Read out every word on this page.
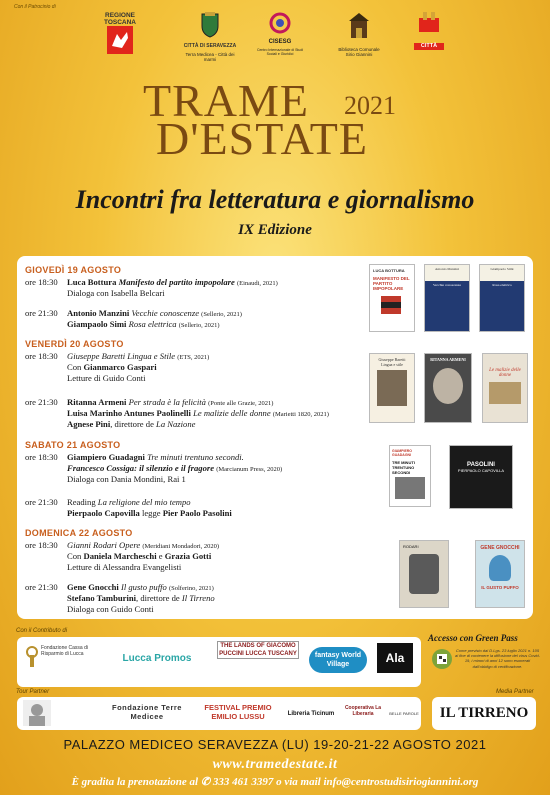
Con il Patrocinio di
REGIONE TOSCANA
CITTÀ DI SERAVEZZA
Terra Medicea - Città dei marmi
CISESG
Centro Internazionale di Studi Sociali e Giuridici
Biblioteca Comunale Sirio Giannini
CITTÀ
TRAME 2021
D'ESTATE
Incontri fra letteratura e giornalismo
IX Edizione
GIOVEDÌ 19 AGOSTO
ore 18:30	Luca Bottura Manifesto del partito impopolare (Einaudi, 2021)
Dialoga con Isabella Belcari
ore 21:30	Antonio Manzini Vecchie conoscenze (Sellerio, 2021)
Giampaolo Simi Rosa elettrica (Sellerio, 2021)
VENERDÌ 20 AGOSTO
ore 18:30	Giuseppe Baretti Lingua e Stile (ETS, 2021)
Con Gianmarco Gaspari
Letture di Guido Conti
ore 21:30	Ritanna Armeni Per strada è la felicità (Ponte alle Grazie, 2021)
Luisa Marinho Antunes Paolinelli Le malizie delle donne (Marietti 1820, 2021)
Agnese Pini, direttore de La Nazione
SABATO 21 AGOSTO
ore 18:30	Giampiero Guadagni Tre minuti trentuno secondi.
Francesco Cossiga: il silenzio e il fragore (Marcianum Press, 2020)
Dialoga con Dania Mondini, Rai 1
ore 21:30	Reading La religione del mio tempo
Pierpaolo Capovilla legge Pier Paolo Pasolini
DOMENICA 22 AGOSTO
ore 18:30	Gianni Rodari Opere (Meridiani Mondadori, 2020)
Con Daniela Marcheschi e Grazia Gotti
Letture di Alessandra Evangelisti
ore 21:30	Gene Gnocchi Il gusto puffo (Solferino, 2021)
Stefano Tamburini, direttore de Il Tirreno
Dialoga con Guido Conti
LUCA BOTTURA
MANIFESTO DEL PARTITO IMPOPOLARE
Antonio Manzini
Vecchie conoscenze
Giampaolo Simi
Rosa elettrica
Giuseppe Baretti
Lingua e stile
RITANNA ARMENI
Le malizie delle donne
GIAMPIERO GUADAGNI
TRE MINUTI TRENTUNO SECONDI
PASOLINI
PIERPAOLO CAPOVILLA
RODARI	GENE GNOCCHI
IL GUSTO PUFFO
Con il Contributo di
Fondazione Cassa di Risparmio di Lucca	Lucca Promos
THE LANDS OF GIACOMO PUCCINI LUCCA TUSCANY	fantasy World Village	Ala
Accesso con Green Pass
Come previsto dal D.Lgs. 23 luglio 2021 n. 105 al fine di contenere la diffusione del virus Covid-19, i minori di anni 12 sono esonerati dall'obbligo di certificazione.
Tour Partner
Fondazione Terre Medicee
FESTIVAL PREMIO EMILIO LUSSU	Libreria Ticinum
Cooperativa La Liberaria	BELLE PAROLE
Media Partner
IL TIRRENO
PALAZZO MEDICEO SERAVEZZA (LU) 19-20-21-22 AGOSTO 2021
www.tramedestate.it
È gradita la prenotazione al ✆ 333 461 3397 o via mail info@centrostudisiriogiannini.org
